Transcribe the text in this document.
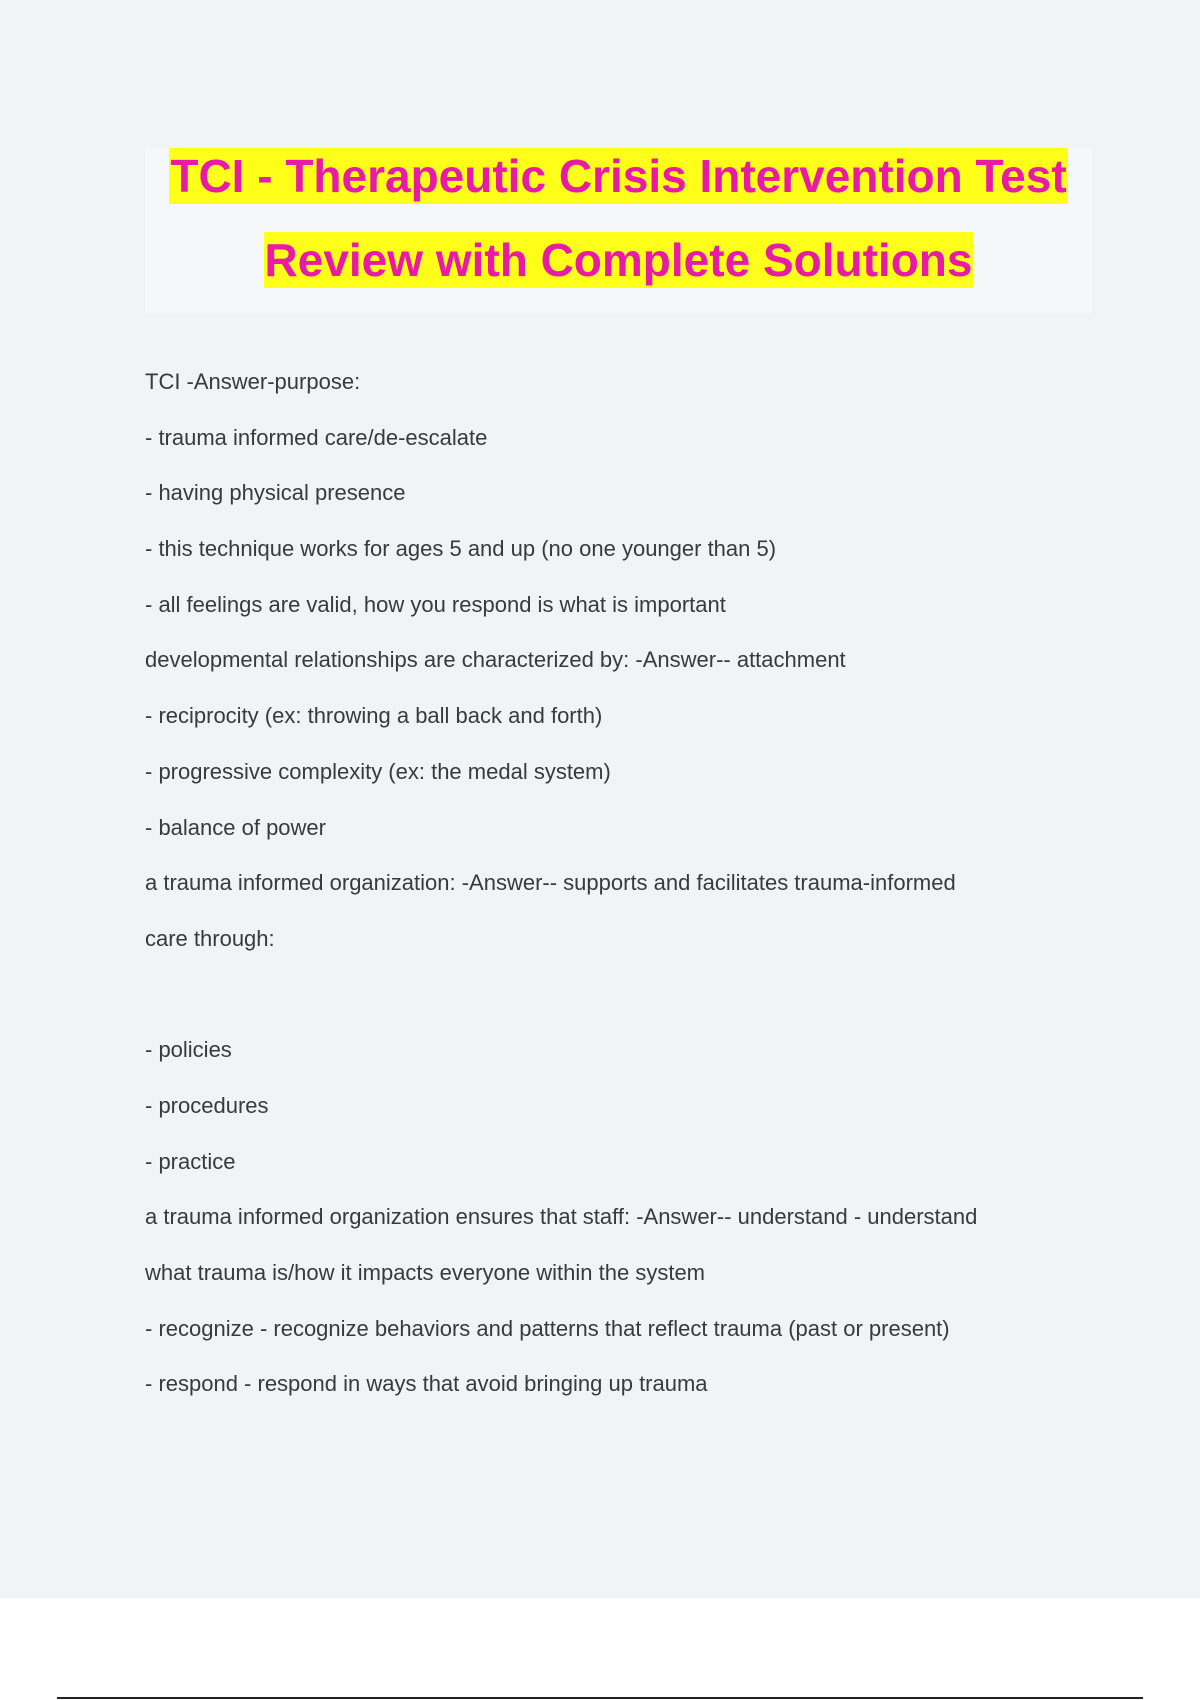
TCI - Therapeutic Crisis Intervention Test
Review with Complete Solutions
TCI -Answer-purpose:
- trauma informed care/de-escalate
- having physical presence
- this technique works for ages 5 and up (no one younger than 5)
- all feelings are valid, how you respond is what is important
developmental relationships are characterized by: -Answer-- attachment
- reciprocity (ex: throwing a ball back and forth)
- progressive complexity (ex: the medal system)
- balance of power
a trauma informed organization: -Answer-- supports and facilitates trauma-informed
care through:
- policies
- procedures
- practice
a trauma informed organization ensures that staff: -Answer-- understand - understand
what trauma is/how it impacts everyone within the system
- recognize - recognize behaviors and patterns that reflect trauma (past or present)
- respond - respond in ways that avoid bringing up trauma
